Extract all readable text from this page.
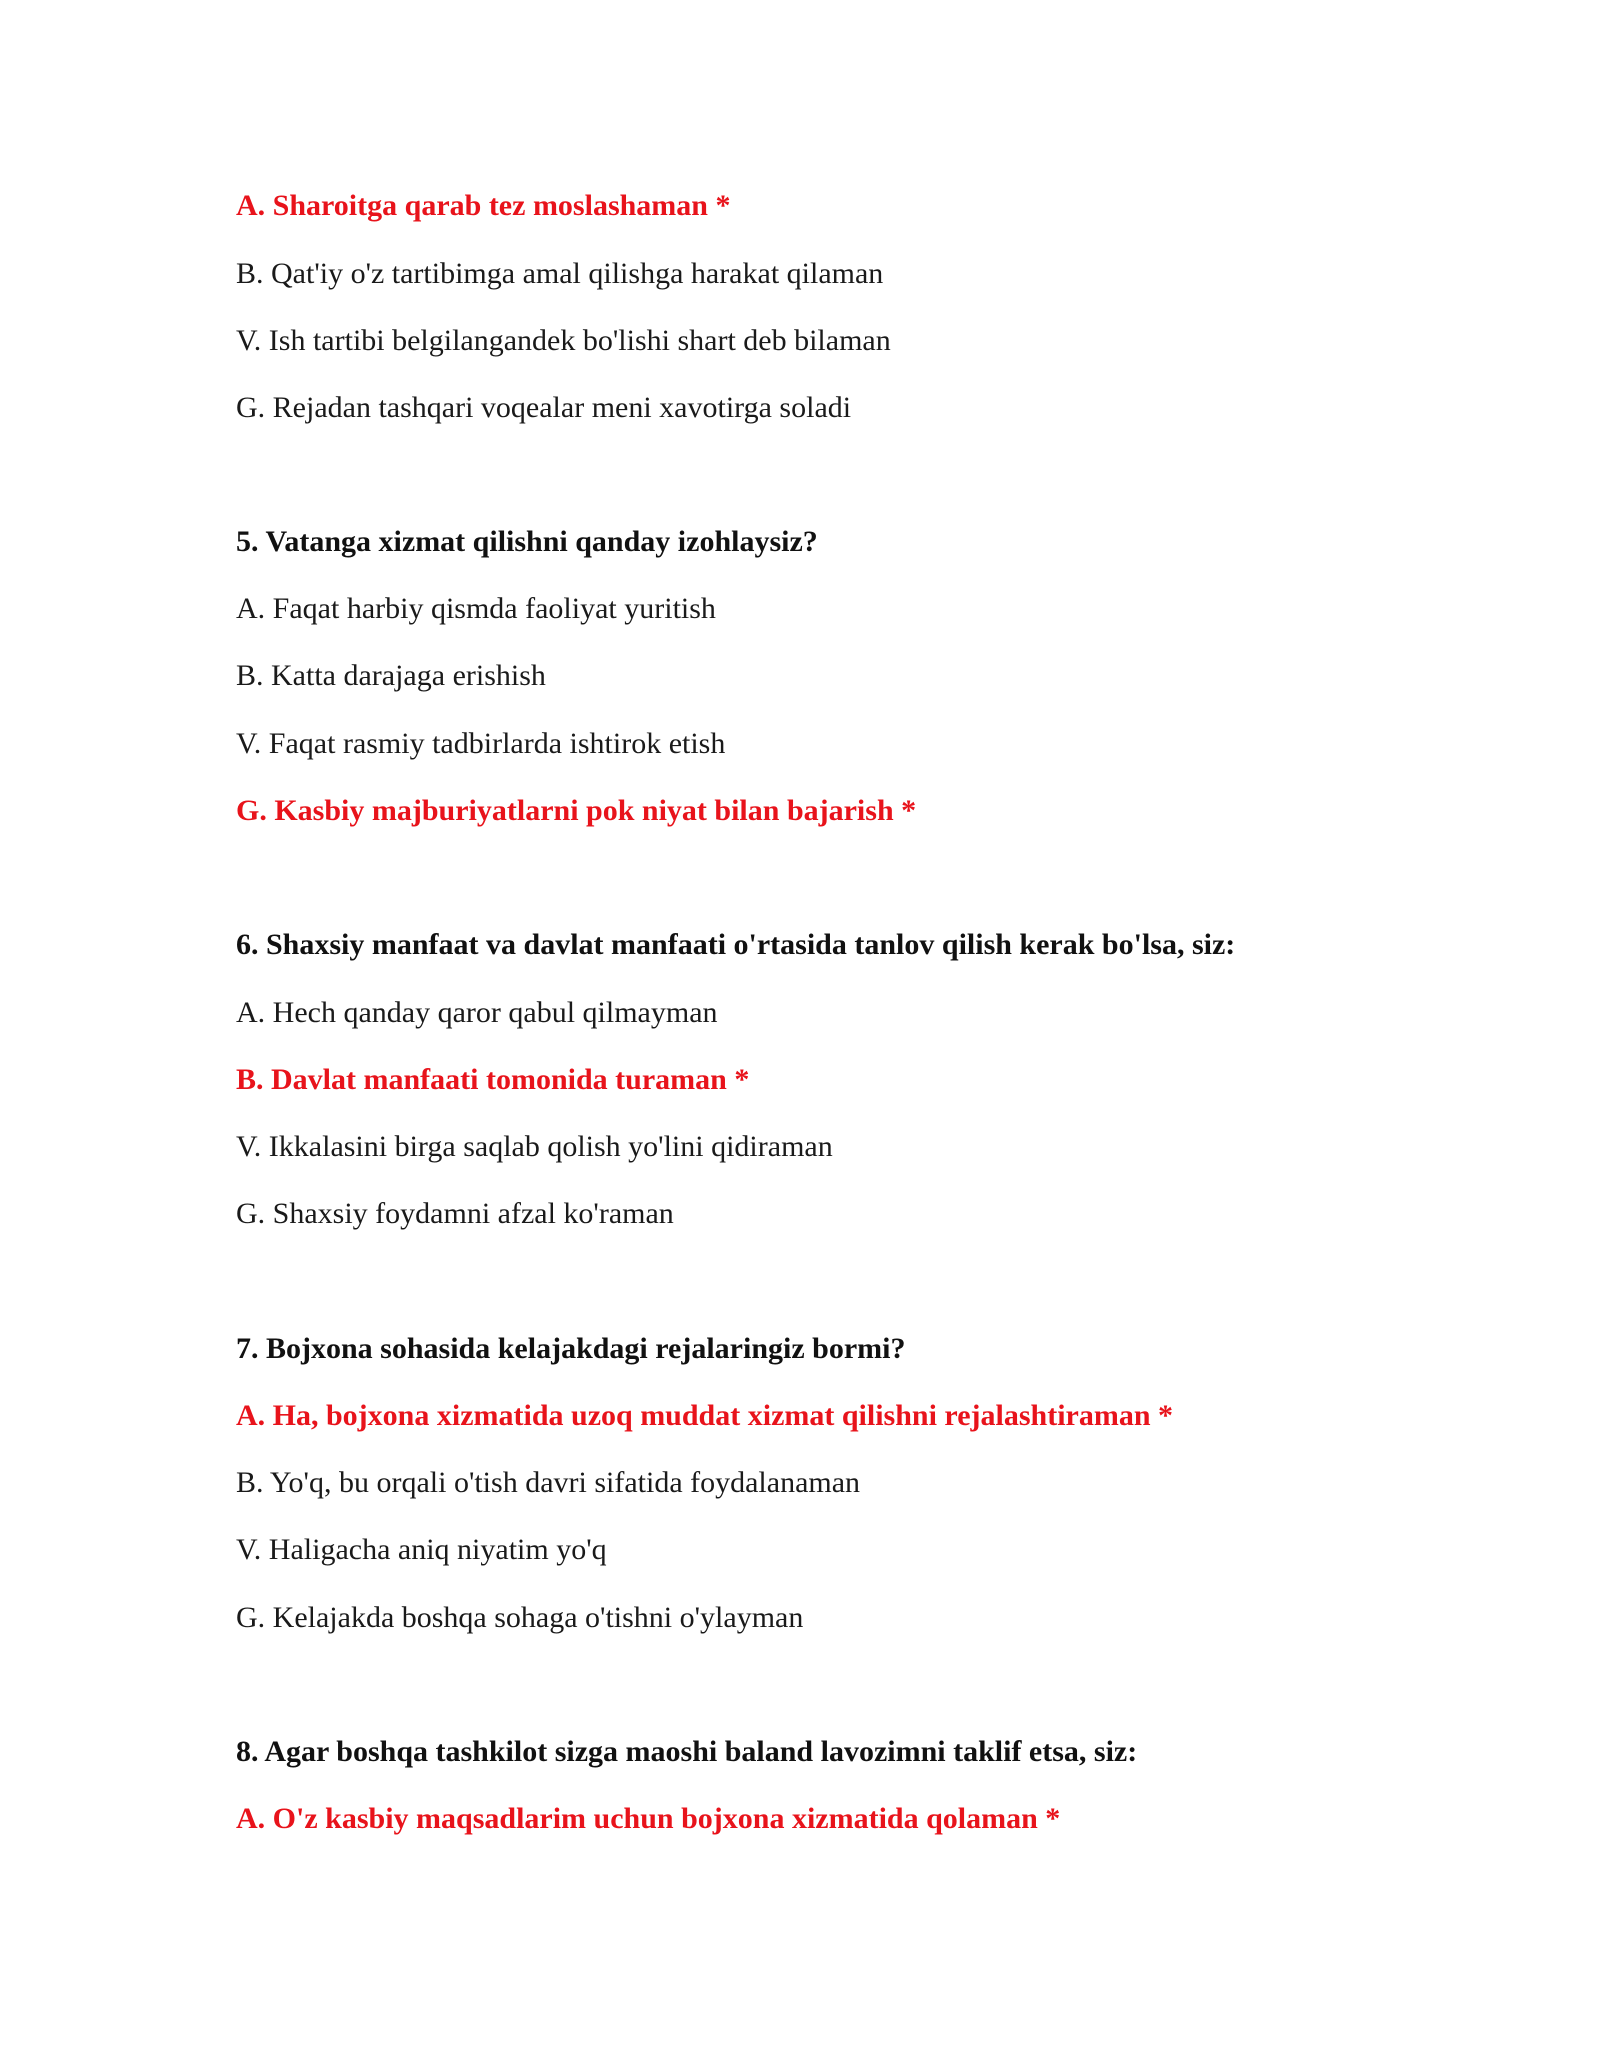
A. Sharoitga qarab tez moslashaman *
B. Qat'iy o'z tartibimga amal qilishga harakat qilaman
V. Ish tartibi belgilangandek bo'lishi shart deb bilaman
G. Rejadan tashqari voqealar meni xavotirga soladi
5. Vatanga xizmat qilishni qanday izohlaysiz?
A. Faqat harbiy qismda faoliyat yuritish
B. Katta darajaga erishish
V. Faqat rasmiy tadbirlarda ishtirok etish
G. Kasbiy majburiyatlarni pok niyat bilan bajarish *
6. Shaxsiy manfaat va davlat manfaati o'rtasida tanlov qilish kerak bo'lsa, siz:
A. Hech qanday qaror qabul qilmayman
B. Davlat manfaati tomonida turaman *
V. Ikkalasini birga saqlab qolish yo'lini qidiraman
G. Shaxsiy foydamni afzal ko'raman
7. Bojxona sohasida kelajakdagi rejalaringiz bormi?
A. Ha, bojxona xizmatida uzoq muddat xizmat qilishni rejalashtiraman *
B. Yo'q, bu orqali o'tish davri sifatida foydalanaman
V. Haligacha aniq niyatim yo'q
G. Kelajakda boshqa sohaga o'tishni o'ylayman
8. Agar boshqa tashkilot sizga maoshi baland lavozimni taklif etsa, siz:
A. O'z kasbiy maqsadlarim uchun bojxona xizmatida qolaman *
